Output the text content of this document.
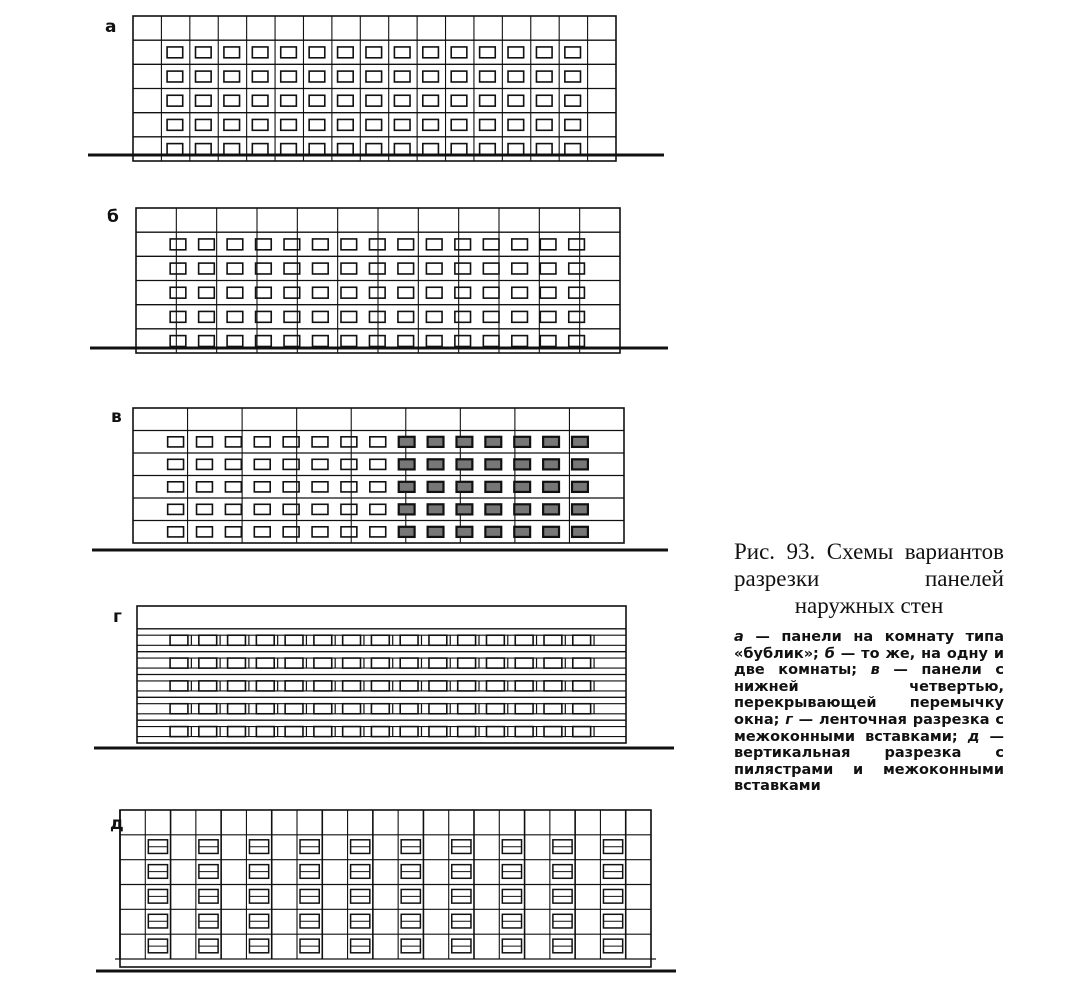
а
б
в
г
д

Рис. 93. Схемы вариантов разрезки панелей наружных стен

а — панели на комнату типа «бублик»; б — то же, на одну и две комнаты; в — панели с нижней четвертью, перекрывающей перемычку окна; г — ленточная разрезка с межоконными вставками; д — вертикальная разрезка с пилястрами и межоконными вставками
